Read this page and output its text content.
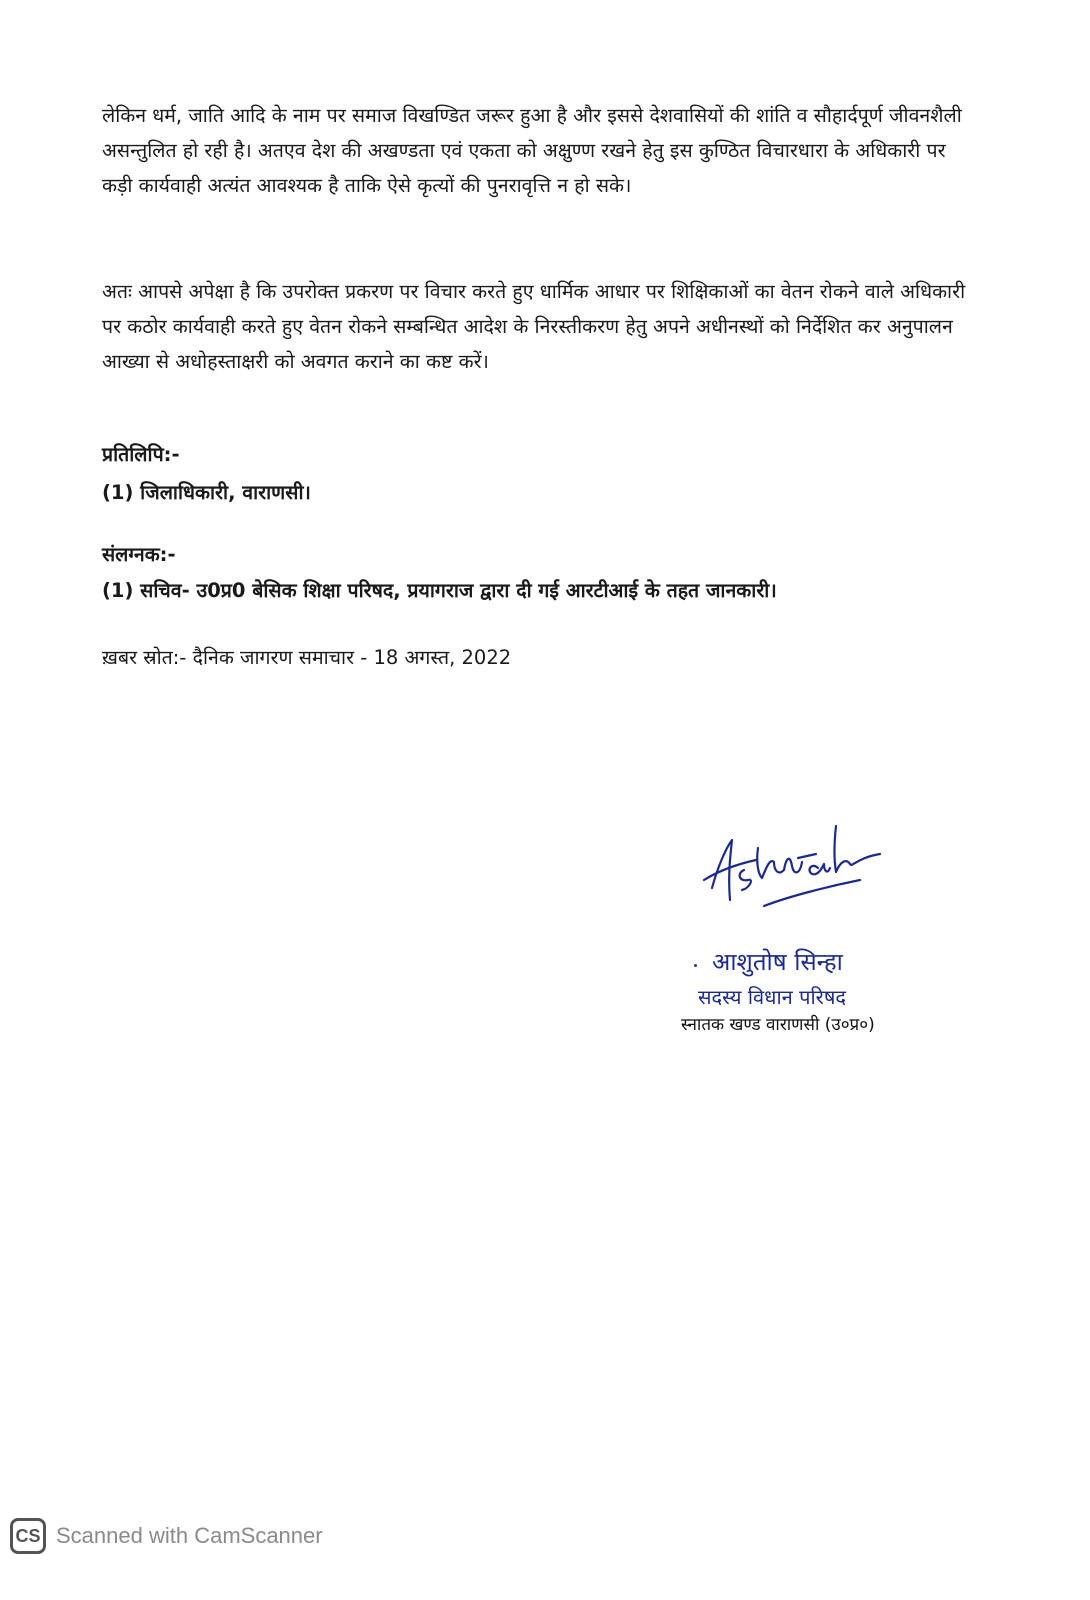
लेकिन धर्म, जाति आदि के नाम पर समाज विखण्डित जरूर हुआ है और इससे देशवासियों की शांति व सौहार्दपूर्ण जीवनशैली असन्तुलित हो रही है। अतएव देश की अखण्डता एवं एकता को अक्षुण्ण रखने हेतु इस कुण्ठित विचारधारा के अधिकारी पर कड़ी कार्यवाही अत्यंत आवश्यक है ताकि ऐसे कृत्यों की पुनरावृत्ति न हो सके।

अतः आपसे अपेक्षा है कि उपरोक्त प्रकरण पर विचार करते हुए धार्मिक आधार पर शिक्षिकाओं का वेतन रोकने वाले अधिकारी पर कठोर कार्यवाही करते हुए वेतन रोकने सम्बन्धित आदेश के निरस्तीकरण हेतु अपने अधीनस्थों को निर्देशित कर अनुपालन आख्या से अधोहस्ताक्षरी को अवगत कराने का कष्ट करें।

प्रतिलिपि:-

(1) जिलाधिकारी, वाराणसी।

संलग्नक:-

(1) सचिव- उ0प्र0 बेसिक शिक्षा परिषद, प्रयागराज द्वारा दी गई आरटीआई के तहत जानकारी।

ख़बर स्रोत:- दैनिक जागरण समाचार - 18 अगस्त, 2022

आशुतोष सिन्हा
सदस्य विधान परिषद
स्नातक खण्ड वाराणसी (उ०प्र०)
CS Scanned with CamScanner
